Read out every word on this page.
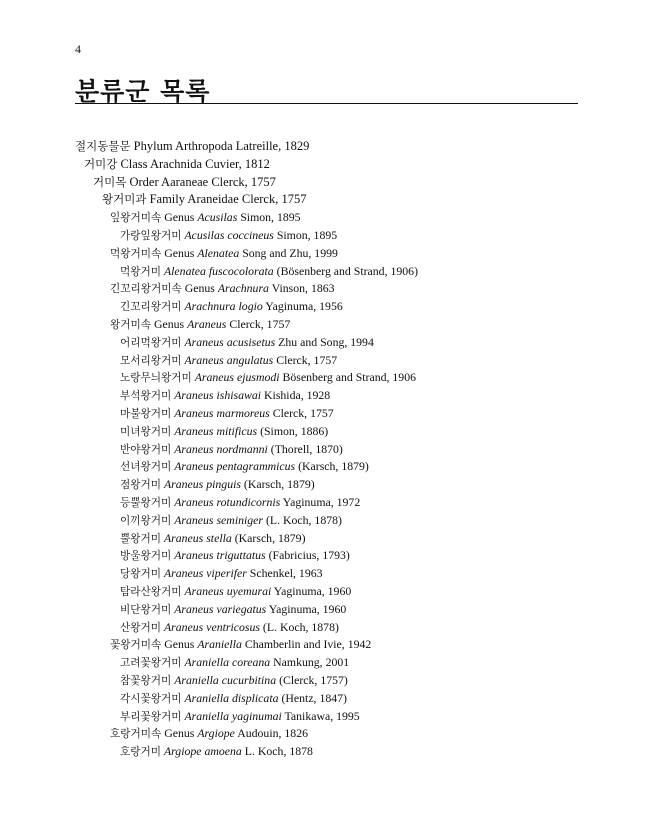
4
분류군 목록
절지동물문 Phylum Arthropoda Latreille, 1829
거미강 Class Arachnida Cuvier, 1812
거미목 Order Aaraneae Clerck, 1757
왕거미과 Family Araneidae Clerck, 1757
잎왕거미속 Genus Acusilas Simon, 1895
가랑잎왕거미 Acusilas coccineus Simon, 1895
먹왕거미속 Genus Alenatea Song and Zhu, 1999
먹왕거미 Alenatea fuscocolorata (Bösenberg and Strand, 1906)
긴꼬리왕거미속 Genus Arachnura Vinson, 1863
긴꼬리왕거미 Arachnura logio Yaginuma, 1956
왕거미속 Genus Araneus Clerck, 1757
어리먹왕거미 Araneus acusisetus Zhu and Song, 1994
모서리왕거미 Araneus angulatus Clerck, 1757
노랑무늬왕거미 Araneus ejusmodi Bösenberg and Strand, 1906
부석왕거미 Araneus ishisawai Kishida, 1928
마불왕거미 Araneus marmoreus Clerck, 1757
미녀왕거미 Araneus mitificus (Simon, 1886)
반야왕거미 Araneus nordmanni (Thorell, 1870)
선녀왕거미 Araneus pentagrammicus (Karsch, 1879)
점왕거미 Araneus pinguis (Karsch, 1879)
등뿔왕거미 Araneus rotundicornis Yaginuma, 1972
이끼왕거미 Araneus seminiger (L. Koch, 1878)
뿔왕거미 Araneus stella (Karsch, 1879)
방울왕거미 Araneus triguttatus (Fabricius, 1793)
당왕거미 Araneus viperifer Schenkel, 1963
탐라산왕거미 Araneus uyemurai Yaginuma, 1960
비단왕거미 Araneus variegatus Yaginuma, 1960
산왕거미 Araneus ventricosus (L. Koch, 1878)
꽃왕거미속 Genus Araniella Chamberlin and Ivie, 1942
고려꽃왕거미 Araniella coreana Namkung, 2001
참꽃왕거미 Araniella cucurbitina (Clerck, 1757)
각시꽃왕거미 Araniella displicata (Hentz, 1847)
부리꽃왕거미 Araniella yaginumai Tanikawa, 1995
호랑거미속 Genus Argiope Audouin, 1826
호랑거미 Argiope amoena L. Koch, 1878
